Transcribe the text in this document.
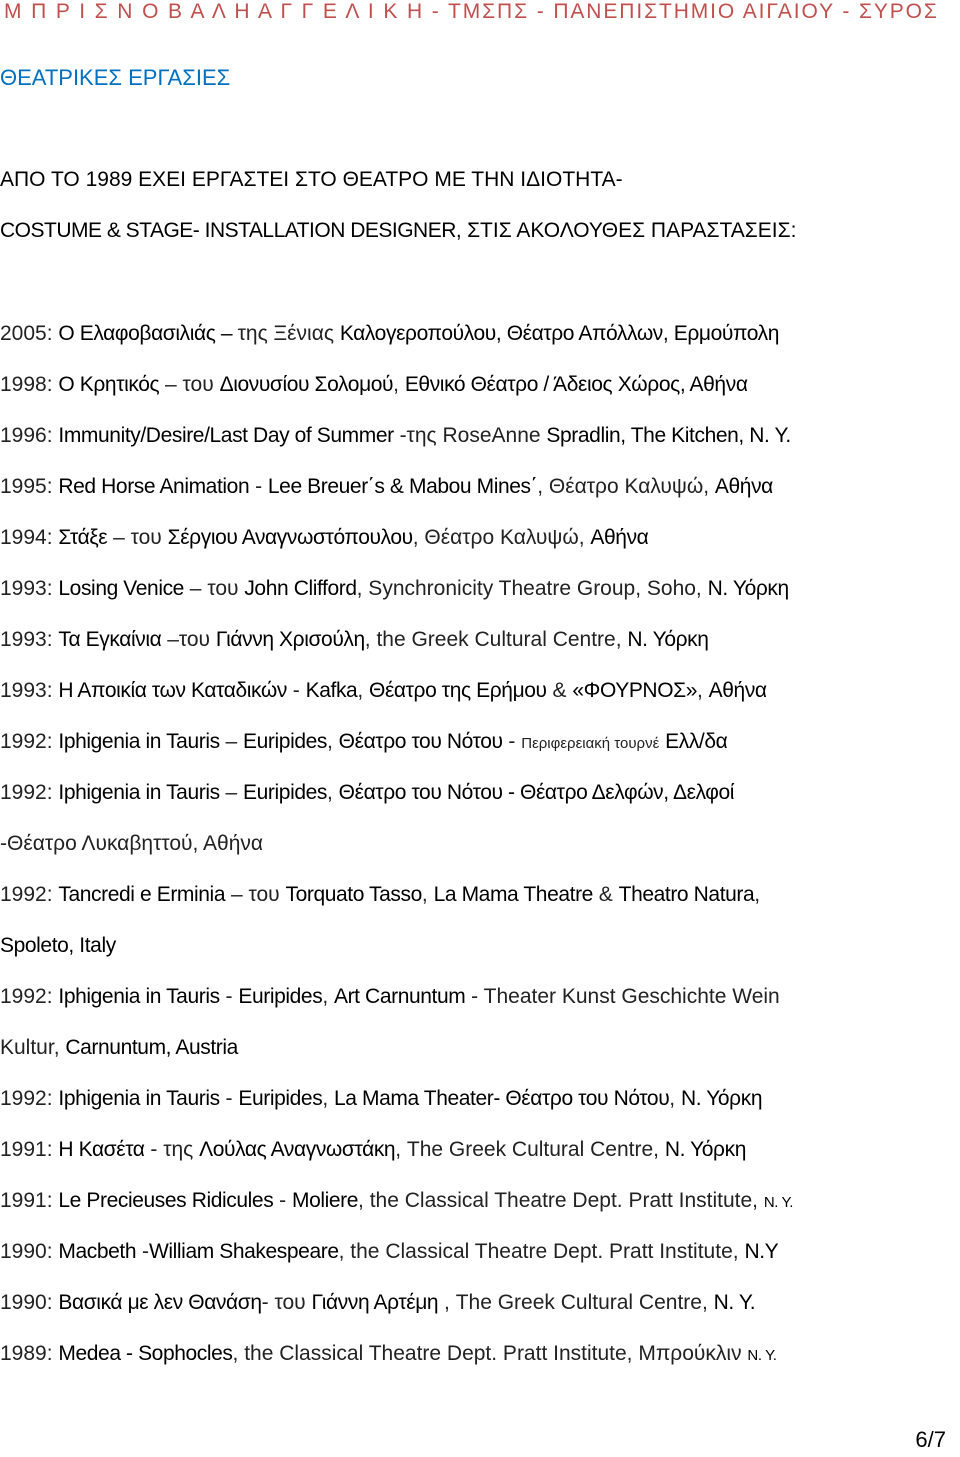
Μ Π Ρ Ι Σ Ν Ο Β Α Λ Η Α Γ Γ Ε Λ Ι Κ Η - ΤΜΣΠΣ - ΠΑΝΕΠΙΣΤΗΜΙΟ ΑΙΓΑΙΟΥ - ΣΥΡΟΣ
ΘΕΑΤΡΙΚΕΣ ΕΡΓΑΣΙΕΣ
ΑΠΟ ΤΟ 1989 ΕΧΕΙ ΕΡΓΑΣΤΕΙ ΣΤΟ ΘΕΑΤΡΟ ΜΕ ΤΗΝ ΙΔΙΟΤΗΤΑ-
COSTUME & STAGE- INSTALLATION DESIGNER, ΣΤΙΣ ΑΚΟΛΟΥΘΕΣ ΠΑΡΑΣΤΑΣΕΙΣ:
2005: Ο Ελαφοβασιλιάς – της Ξένιας Καλογεροπούλου, Θέατρο Απόλλων, Ερμούπολη
1998: Ο Κρητικός – του Διονυσίου Σολομού, Εθνικό Θέατρο / Άδειος Χώρος, Αθήνα
1996: Immunity/Desire/Last Day of Summer -της RoseAnne Spradlin, The Kitchen, N. Y.
1995: Red Horse Animation - Lee Breuer΄s & Mabou Mines΄, Θέατρο Καλυψώ, Αθήνα
1994: Στάξε – του Σέργιου Αναγνωστόπουλου, Θέατρο Καλυψώ, Αθήνα
1993: Losing Venice – του John Clifford, Synchronicity Theatre Group, Soho, Ν. Υόρκη
1993: Τα Εγκαίνια –του Γιάννη Χρισούλη, the Greek Cultural Centre, Ν. Υόρκη
1993: Η Αποικία των Καταδικών - Kafka, Θέατρο της Ερήμου & «ΦΟΥΡΝΟΣ», Αθήνα
1992: Iphigenia in Tauris – Euripides, Θέατρο του Νότου - Περιφερειακή τουρνέ Ελλ/δα
1992: Iphigenia in Tauris – Euripides, Θέατρο του Νότου - Θέατρο Δελφών, Δελφοί
-Θέατρο Λυκαβηττού, Αθήνα
1992: Tancredi e Erminia – του Torquato Tasso, La Mama Theatre & Theatro Natura,
Spoleto, Italy
1992: Iphigenia in Tauris - Euripides, Art Carnuntum - Theater Kunst Geschichte Wein
Kultur, Carnuntum, Austria
1992: Iphigenia in Tauris - Euripides, La Mama Theater- Θέατρο του Νότου, Ν. Υόρκη
1991: Η Κασέτα - της Λούλας Αναγνωστάκη, The Greek Cultural Centre, Ν. Υόρκη
1991: Le Precieuses Ridicules - Moliere, the Classical Theatre Dept. Pratt Institute, N. Y.
1990: Macbeth -William Shakespeare, the Classical Theatre Dept. Pratt Institute, N.Y
1990: Βασικά με λεν Θανάση- του Γιάννη Αρτέμη , The Greek Cultural Centre, N. Y.
1989: Medea - Sophocles, the Classical Theatre Dept. Pratt Institute, Μπρούκλιν N. Y.
6/7
